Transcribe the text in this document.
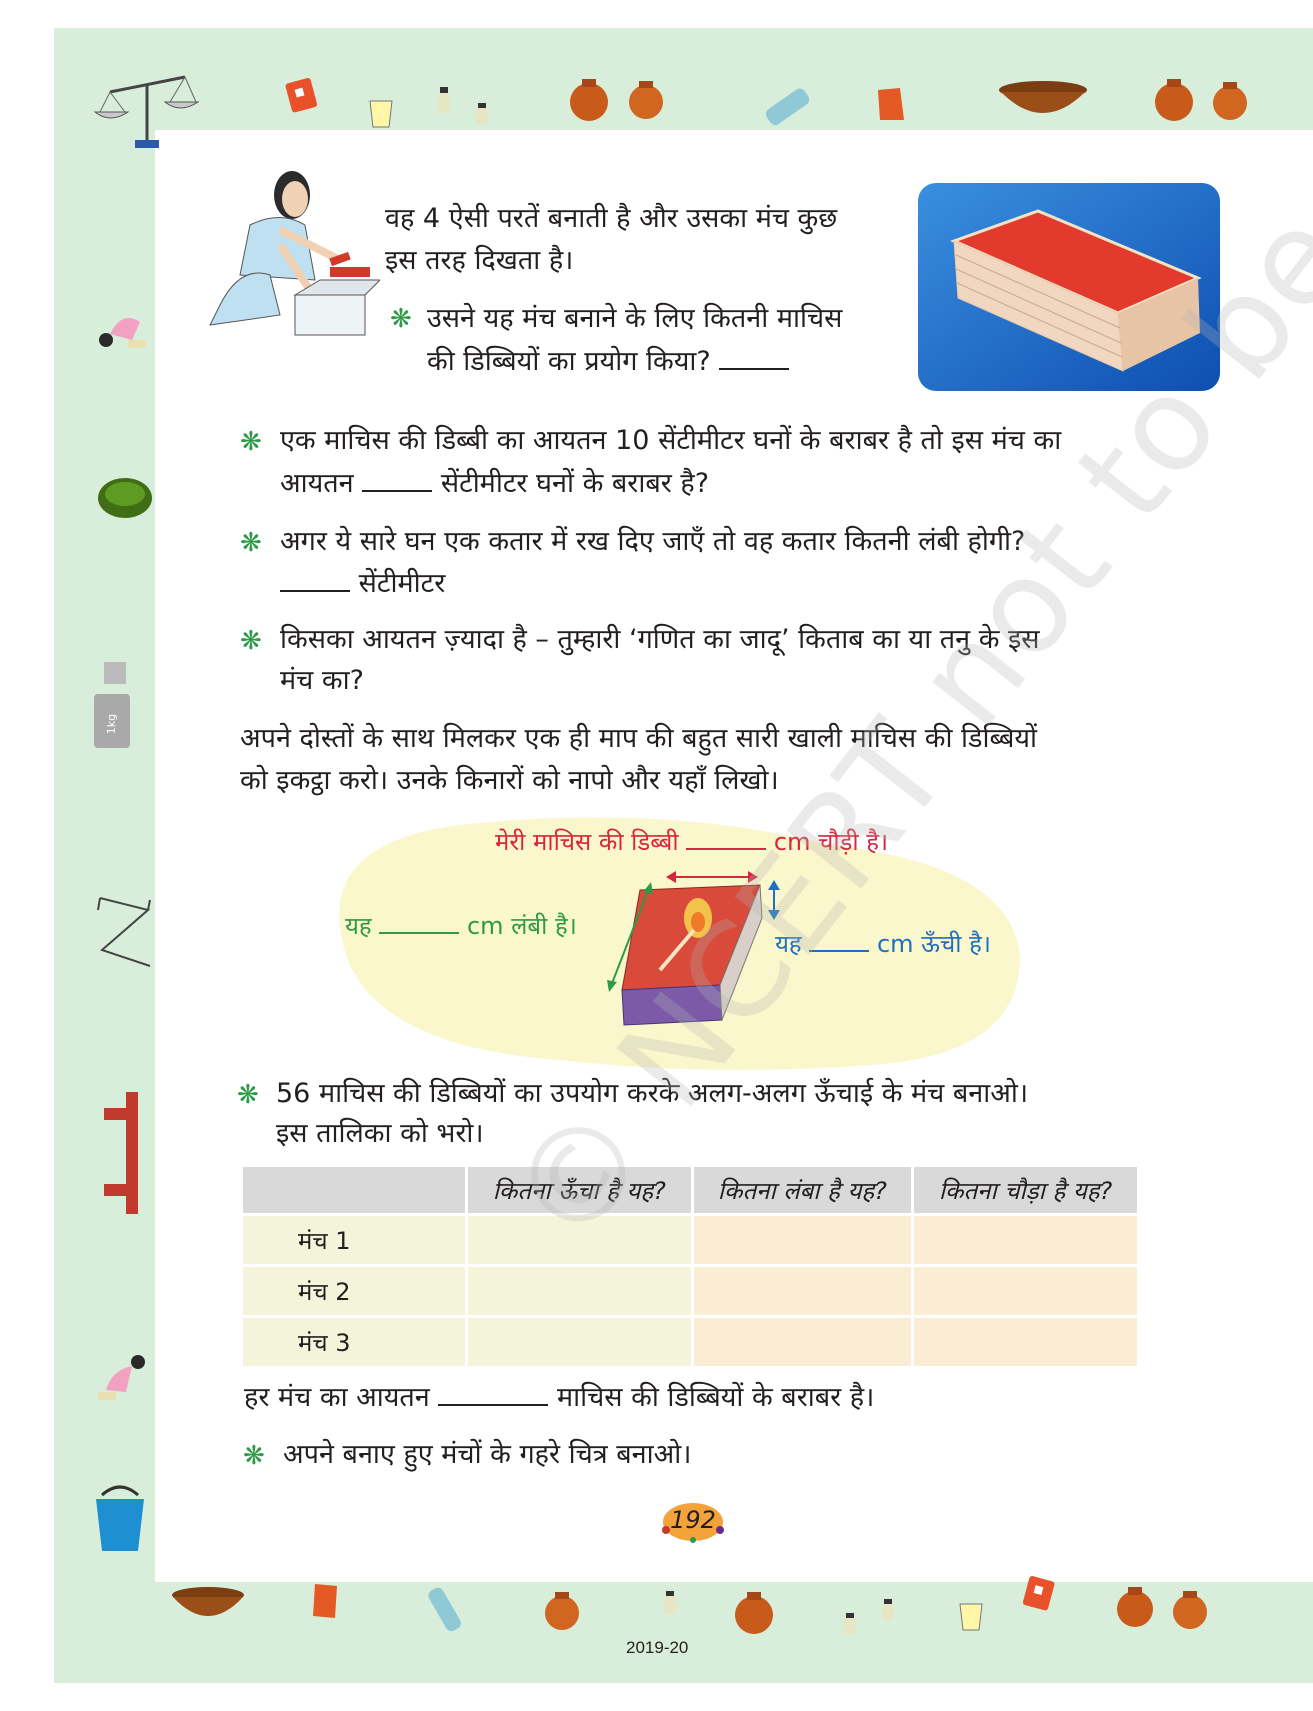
1kg
वह 4 ऐसी परतें बनाती है और उसका मंच कुछ
इस तरह दिखता है।
❋ उसने यह मंच बनाने के लिए कितनी माचिस
की डिब्बियों का प्रयोग किया?
❋ एक माचिस की डिब्बी का आयतन 10 सेंटीमीटर घनों के बराबर है तो इस मंच का
आयतन	सेंटीमीटर घनों के बराबर है?
❋ अगर ये सारे घन एक कतार में रख दिए जाएँ तो वह कतार कितनी लंबी होगी?
सेंटीमीटर
❋ किसका आयतन ज़्यादा है – तुम्हारी ‘गणित का जादू’ किताब का या तनु के इस
मंच का?
अपने दोस्तों के साथ मिलकर एक ही माप की बहुत सारी खाली माचिस की डिब्बियों
को इकट्ठा करो। उनके किनारों को नापो और यहाँ लिखो।
मेरी माचिस की डिब्बी	cm चौड़ी है।
यह	cm लंबी है।
यह	cm ऊँची है।
❋ 56 माचिस की डिब्बियों का उपयोग करके अलग-अलग ऊँचाई के मंच बनाओ।
इस तालिका को भरो।
	कितना ऊँचा है यह?	कितना लंबा है यह?	कितना चौड़ा है यह?
मंच 1			
मंच 2			
मंच 3			
हर मंच का आयतन	माचिस की डिब्बियों के बराबर है।
❋ अपने बनाए हुए मंचों के गहरे चित्र बनाओ।
192
2019-20
